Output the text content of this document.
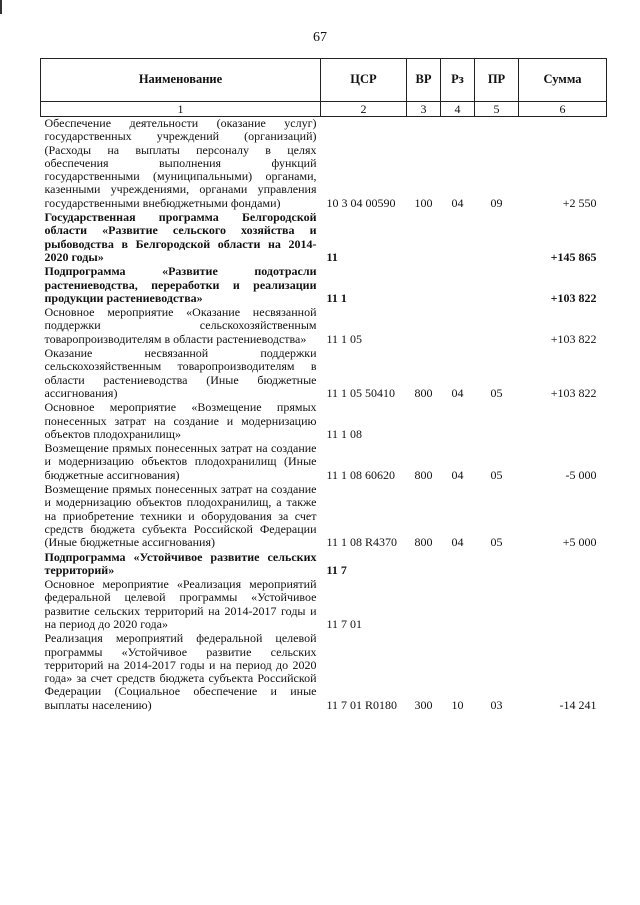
67
Наименование	ЦСР	ВР	Рз	ПР	Сумма
1	2	3	4	5	6
Обеспечение деятельности (оказание услуг) государственных учреждений (организаций) (Расходы на выплаты персоналу в целях обеспечения выполнения функций государственными (муниципальными) органами, казенными учреждениями, органами управления государственными внебюджетными фондами)	10 3 04 00590	100	04	09	+2 550
Государственная программа Белгородской области «Развитие сельского хозяйства и рыбоводства в Белгородской области на 2014-2020 годы»	11				+145 865
Подпрограмма «Развитие подотрасли растениеводства, переработки и реализации продукции растениеводства»	11 1				+103 822
Основное мероприятие «Оказание несвязанной поддержки сельскохозяйственным товаропроизводителям в области растениеводства»	11 1 05				+103 822
Оказание несвязанной поддержки сельскохозяйственным товаропроизводителям в области растениеводства (Иные бюджетные ассигнования)	11 1 05 50410	800	04	05	+103 822
Основное мероприятие «Возмещение прямых понесенных затрат на создание и модернизацию объектов плодохранилищ»	11 1 08				
Возмещение прямых понесенных затрат на создание и модернизацию объектов плодохранилищ (Иные бюджетные ассигнования)	11 1 08 60620	800	04	05	-5 000
Возмещение прямых понесенных затрат на создание и модернизацию объектов плодохранилищ, а также на приобретение техники и оборудования за счет средств бюджета субъекта Российской Федерации (Иные бюджетные ассигнования)	11 1 08 R4370	800	04	05	+5 000
Подпрограмма «Устойчивое развитие сельских территорий»	11 7				
Основное мероприятие «Реализация мероприятий федеральной целевой программы «Устойчивое развитие сельских территорий на 2014-2017 годы и на период до 2020 года»	11 7 01				
Реализация мероприятий федеральной целевой программы «Устойчивое развитие сельских территорий на 2014-2017 годы и на период до 2020 года» за счет средств бюджета субъекта Российской Федерации (Социальное обеспечение и иные выплаты населению)	11 7 01 R0180	300	10	03	-14 241
